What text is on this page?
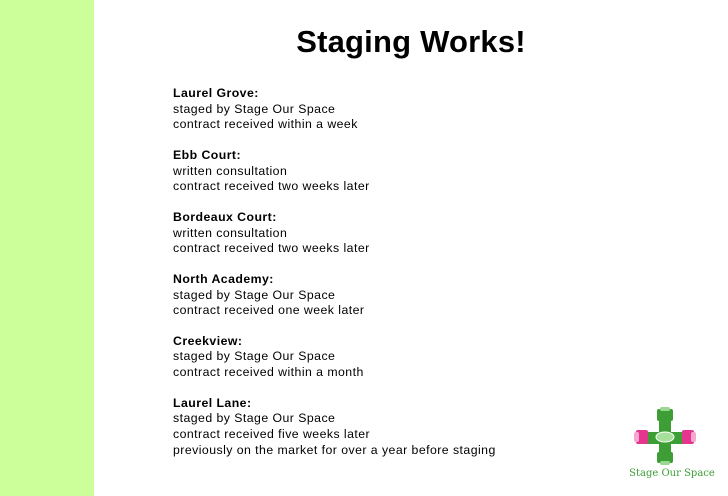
Staging Works!
Laurel Grove:
staged by Stage Our Space
contract received within a week
Ebb Court:
written consultation
contract received two weeks later
Bordeaux Court:
written consultation
contract received two weeks later
North Academy:
staged by Stage Our Space
contract received one week later
Creekview:
staged by Stage Our Space
contract received within a month
Laurel Lane:
staged by Stage Our Space
contract received five weeks later
previously on the market for over a year before staging
Stage Our Space
